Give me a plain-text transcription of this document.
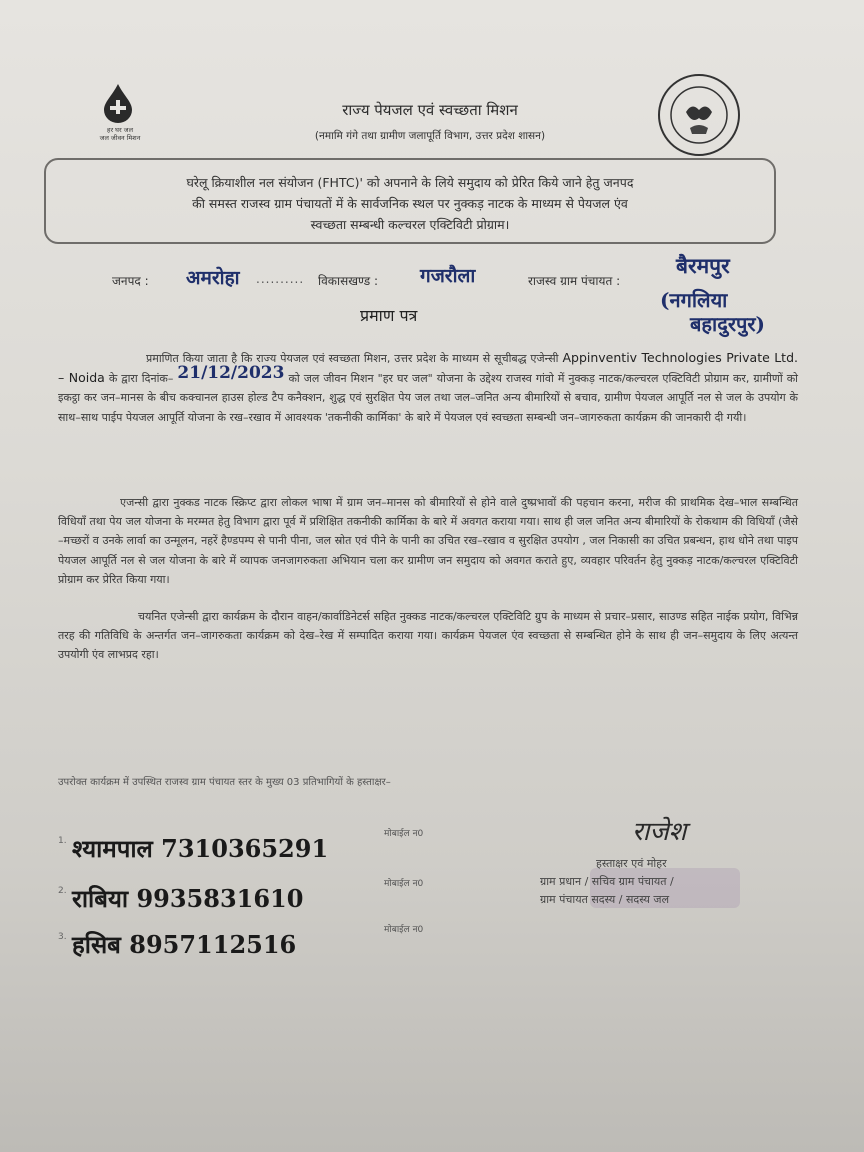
हर घर जल
जल जीवन मिशन
राज्य पेयजल एवं स्वच्छता मिशन
(नमामि गंगे तथा ग्रामीण जलापूर्ति विभाग, उत्तर प्रदेश शासन)
घरेलू क्रियाशील नल संयोजन (FHTC)' को अपनाने के लिये समुदाय को प्रेरित किये जाने हेतु जनपद
की समस्त राजस्व ग्राम पंचायतों में के सार्वजनिक स्थल पर नुक्कड़ नाटक के माध्यम से पेयजल एंव
स्वच्छता सम्बन्धी कल्चरल एक्टिविटी प्रोग्राम।
जनपद : अमरोहा .......... विकासखण्ड : गजरौला	राजस्व ग्राम पंचायत :
बैरमपुर
(नगलिया
बहादुरपुर)
प्रमाण पत्र
प्रमाणित किया जाता है कि राज्य पेयजल एवं स्वच्छता मिशन, उत्तर प्रदेश के माध्यम से सूचीबद्ध एजेन्सी Appinventiv Technologies Private Ltd. – Noida के द्वारा दिनांक– 21/12/2023 को जल जीवन मिशन "हर घर जल" योजना के उद्देश्य राजस्व गांवो में नुक्कड़ नाटक/कल्चरल एक्टिविटी प्रोग्राम कर, ग्रामीणों को इकट्ठा कर जन–मानस के बीच कक्चानल हाउस होल्ड टैप कनैक्शन, शुद्ध एवं सुरक्षित पेय जल तथा जल–जनित अन्य बीमारियों से बचाव, ग्रामीण पेयजल आपूर्ति नल से जल के उपयोग के साथ–साथ पाईप पेयजल आपूर्ति योजना के रख–रखाव में आवश्यक 'तकनीकी कार्मिका' के बारे में पेयजल एवं स्वच्छता सम्बन्धी जन–जागरुकता कार्यक्रम की जानकारी दी गयी।
एजन्सी द्वारा नुक्कड नाटक स्क्रिप्ट द्वारा लोकल भाषा में ग्राम जन–मानस को बीमारियों से होने वाले दुष्प्रभावों की पहचान करना, मरीज की प्राथमिक देख–भाल सम्बन्धित विधियाँ तथा पेय जल योजना के मरम्मत हेतु विभाग द्वारा पूर्व में प्रशिक्षित तकनीकी कार्मिका के बारे में अवगत कराया गया। साथ ही जल जनित अन्य बीमारियों के रोकथाम की विधियाँ (जैसे –मच्छरों व उनके लार्वा का उन्मूलन, नहरें हैण्डपम्प से पानी पीना, जल स्रोत एवं पीने के पानी का उचित रख–रखाव व सुरक्षित उपयोग , जल निकासी का उचित प्रबन्धन, हाथ धोने तथा पाइप पेयजल आपूर्ति नल से जल योजना के बारे में व्यापक जनजागरुकता अभियान चला कर ग्रामीण जन समुदाय को अवगत कराते हुए, व्यवहार परिवर्तन हेतु नुक्कड़ नाटक/कल्चरल एक्टिविटी प्रोग्राम कर प्रेरित किया गया।
चयनित एजेन्सी द्वारा कार्यक्रम के दौरान वाहन/कार्वाडिनेटर्स सहित नुक्कड नाटक/कल्चरल एक्टिविटि ग्रुप के माध्यम से प्रचार–प्रसार, साउण्ड सहित नाईक प्रयोग, विभिन्न तरह की गतिविधि के अन्तर्गत जन–जागरुकता कार्यक्रम को देख–रेख में सम्पादित कराया गया। कार्यक्रम पेयजल एंव स्वच्छता से सम्बन्धित होने के साथ ही जन–समुदाय के लिए अत्यन्त उपयोगी एंव लाभप्रद रहा।
उपरोक्त कार्यक्रम में उपस्थित राजस्व ग्राम पंचायत स्तर के मुख्य 03 प्रतिभागियों के हस्ताक्षर–
1. श्यामपाल 7310365291	मोबाईल न0
2. राबिया 9935831610	मोबाईल न0
3. हसिब 8957112516	मोबाईल न0
राजेश
हस्ताक्षर एवं मोहर
ग्राम प्रधान / सचिव ग्राम पंचायत /
ग्राम पंचायत सदस्य / सदस्य जल
